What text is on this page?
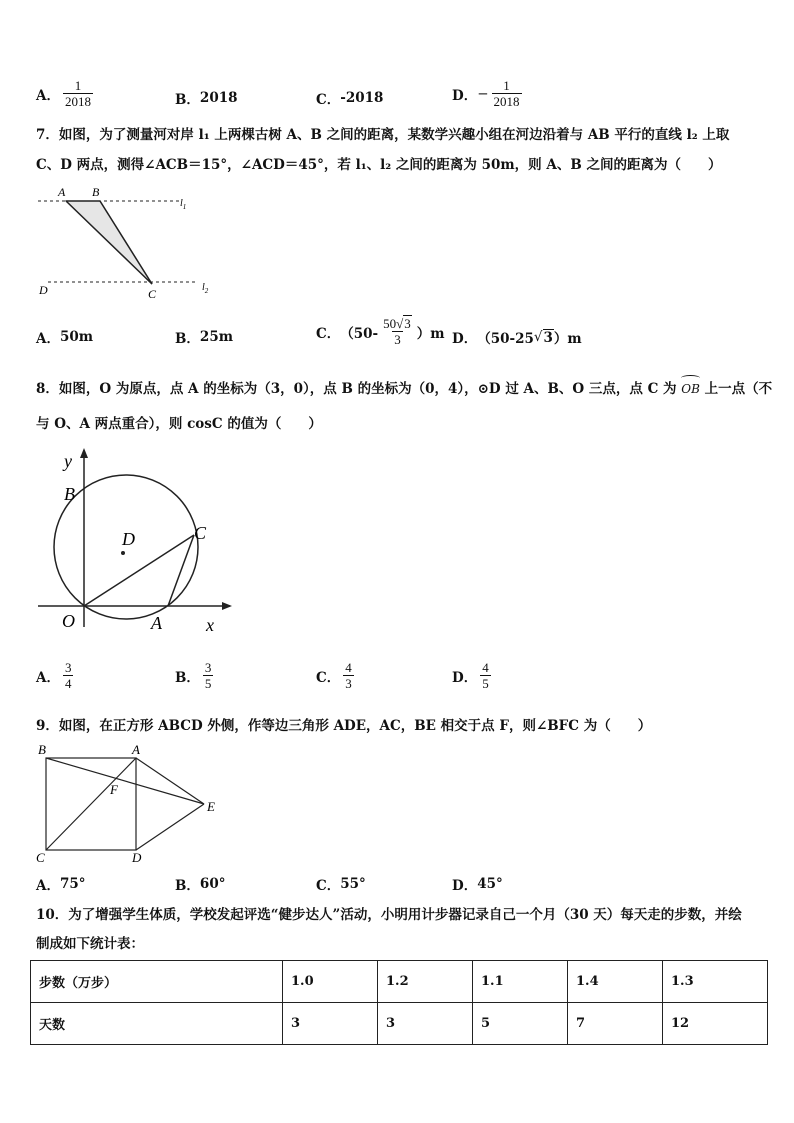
A． $\frac{1}{2018}$	B． 2018	C． -2018	D． − $\frac{1}{2018}$
7．如图，为了测量河对岸 l₁ 上两棵古树 A、B 之间的距离，某数学兴趣小组在河边沿着与 AB 平行的直线 l₂ 上取
C、D 两点，测得∠ACB＝15°，∠ACD＝45°，若 l₁、l₂ 之间的距离为 50m，则 A、B 之间的距离为（　　）
A B
D	C
$l_1$
$l_2$
A． 50m	B． 25m	C． $(50- \frac{50√3}{3} )m$ D． （50-25 √ 3 ）m
8．如图，O 为原点，点 A 的坐标为（3，0），点 B 的坐标为（0，4），⊙D 过 A、B、O 三点，点 C 为 OB 上一点（不
与 O、A 两点重合），则 cosC 的值为（　　）
y
B
D	C
O	A x
A． $\frac{3}{4}$	B． $\frac{3}{5}$	C． $\frac{4}{3}$	D． $\frac{4}{5}$
9．如图，在正方形 ABCD 外侧，作等边三角形 ADE，AC，BE 相交于点 F，则∠BFC 为（　　）
B	A
F
E
C	D
A． 75°	B． 60°	C． 55°	D． 45°
10．为了增强学生体质，学校发起评选“健步达人”活动，小明用计步器记录自己一个月（30 天）每天走的步数，并绘
制成如下统计表：
步数（万步）	1.0	1.2	1.1	1.4	1.3
天数	3	3	5	7	12
